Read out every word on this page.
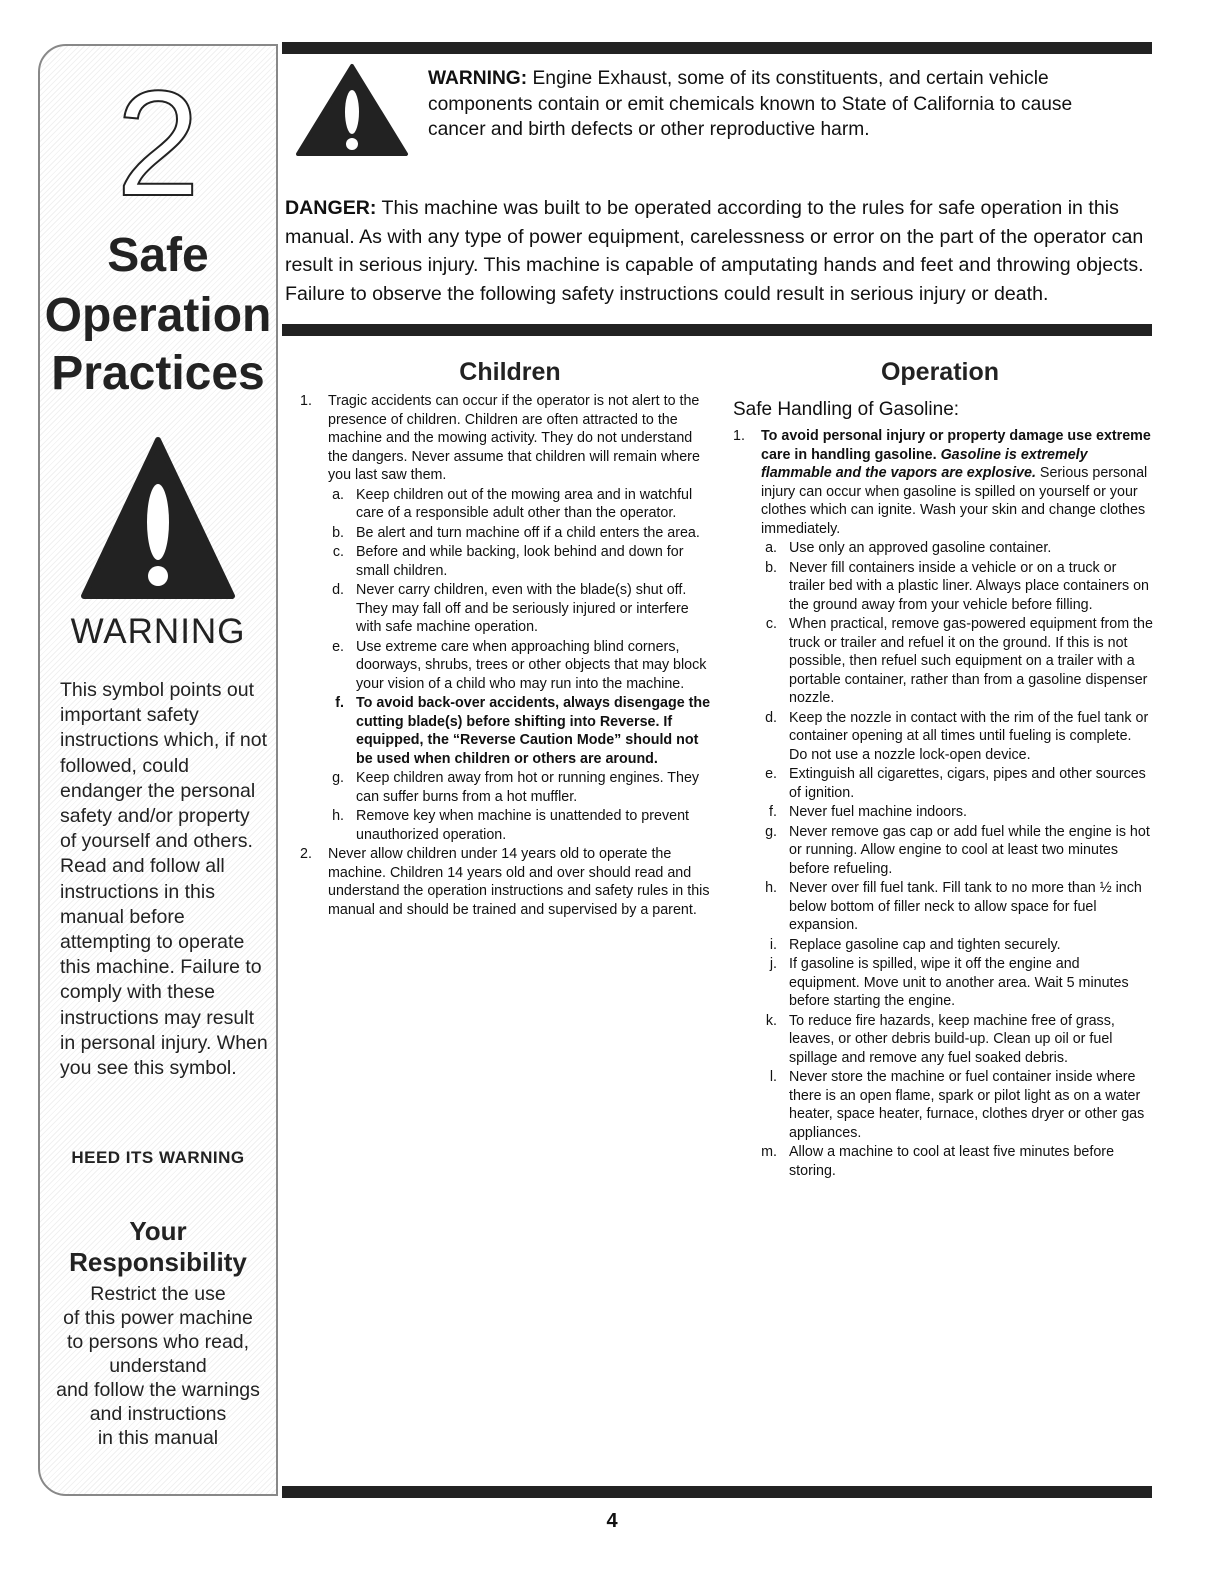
2
Safe
Operation
Practices
WARNING
This symbol points out important safety instructions which, if not followed, could endanger the personal safety and/or property of yourself and others. Read and follow all instructions in this manual before attempting to operate this machine. Failure to comply with these instructions may result in personal injury. When you see this symbol.
HEED ITS WARNING
Your
Responsibility
Restrict the use
of this power machine
to persons who read,
understand
and follow the warnings
and instructions
in this manual
WARNING: Engine Exhaust, some of its constituents, and certain vehicle components contain or emit chemicals known to State of California to cause cancer and birth defects or other reproductive harm.
DANGER: This machine was built to be operated according to the rules for safe operation in this manual. As with any type of power equipment, carelessness or error on the part of the operator can result in serious injury. This machine is capable of amputating hands and feet and throwing objects. Failure to observe the following safety instructions could result in serious injury or death.
Children
1.	Tragic accidents can occur if the operator is not alert to the presence of children. Children are often attracted to the machine and the mowing activity. They do not understand the dangers. Never assume that children will remain where you last saw them.
a. Keep children out of the mowing area and in watchful care of a responsible adult other than the operator.
b. Be alert and turn machine off if a child enters the area.
c. Before and while backing, look behind and down for small children.
d. Never carry children, even with the blade(s) shut off. They may fall off and be seriously injured or interfere with safe machine operation.
e. Use extreme care when approaching blind corners, doorways, shrubs, trees or other objects that may block your vision of a child who may run into the machine.
f. To avoid back-over accidents, always disengage the cutting blade(s) before shifting into Reverse. If equipped, the “Reverse Caution Mode” should not be used when children or others are around.
g. Keep children away from hot or running engines. They can suffer burns from a hot muffler.
h. Remove key when machine is unattended to prevent unauthorized operation.
2.	Never allow children under 14 years old to operate the machine. Children 14 years old and over should read and understand the operation instructions and safety rules in this manual and should be trained and supervised by a parent.
Operation
Safe Handling of Gasoline:
1.	To avoid personal injury or property damage use extreme care in handling gasoline. Gasoline is extremely flammable and the vapors are explosive. Serious personal injury can occur when gasoline is spilled on yourself or your clothes which can ignite. Wash your skin and change clothes immediately.
a. Use only an approved gasoline container.
b. Never fill containers inside a vehicle or on a truck or trailer bed with a plastic liner. Always place containers on the ground away from your vehicle before filling.
c. When practical, remove gas-powered equipment from the truck or trailer and refuel it on the ground. If this is not possible, then refuel such equipment on a trailer with a portable container, rather than from a gasoline dispenser nozzle.
d. Keep the nozzle in contact with the rim of the fuel tank or container opening at all times until fueling is complete. Do not use a nozzle lock-open device.
e. Extinguish all cigarettes, cigars, pipes and other sources of ignition.
f. Never fuel machine indoors.
g. Never remove gas cap or add fuel while the engine is hot or running. Allow engine to cool at least two minutes before refueling.
h. Never over fill fuel tank. Fill tank to no more than ½ inch below bottom of filler neck to allow space for fuel expansion.
i. Replace gasoline cap and tighten securely.
j. If gasoline is spilled, wipe it off the engine and equipment. Move unit to another area. Wait 5 minutes before starting the engine.
k. To reduce fire hazards, keep machine free of grass, leaves, or other debris build-up. Clean up oil or fuel spillage and remove any fuel soaked debris.
l. Never store the machine or fuel container inside where there is an open flame, spark or pilot light as on a water heater, space heater, furnace, clothes dryer or other gas appliances.
m. Allow a machine to cool at least five minutes before storing.
4
